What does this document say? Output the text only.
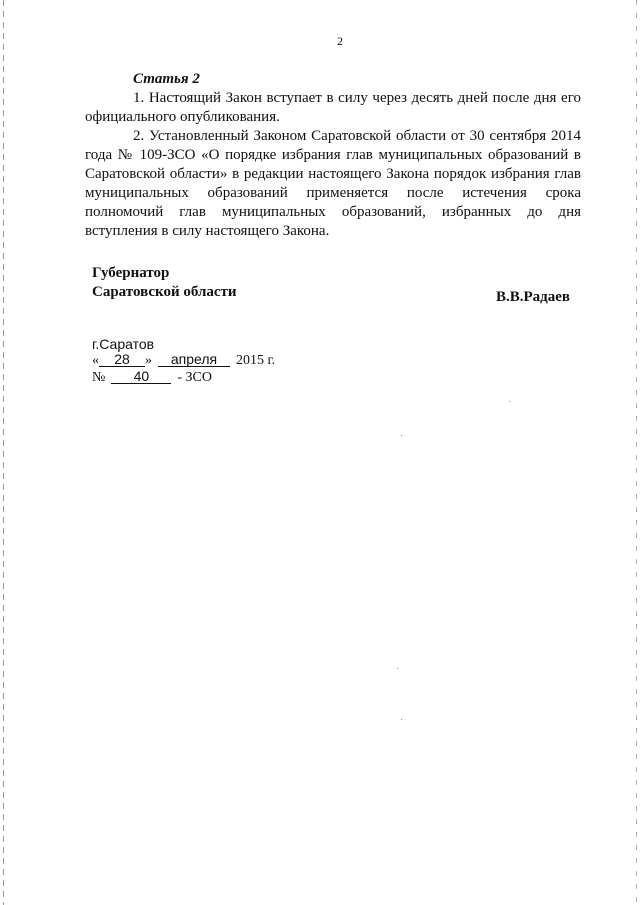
2
Статья 2

1. Настоящий Закон вступает в силу через десять дней после дня его официального опубликования.

2. Установленный Законом Саратовской области от 30 сентября 2014 года № 109-ЗСО «О порядке избрания глав муниципальных образований в Саратовской области» в редакции настоящего Закона порядок избрания глав муниципальных образований применяется после истечения срока полномочий глав муниципальных образований, избранных до дня вступления в силу настоящего Закона.

Губернатор
Саратовской области	В.В.Радаев
г.Саратов
« 28 » апреля 2015 г.
№ 40 - ЗСО
